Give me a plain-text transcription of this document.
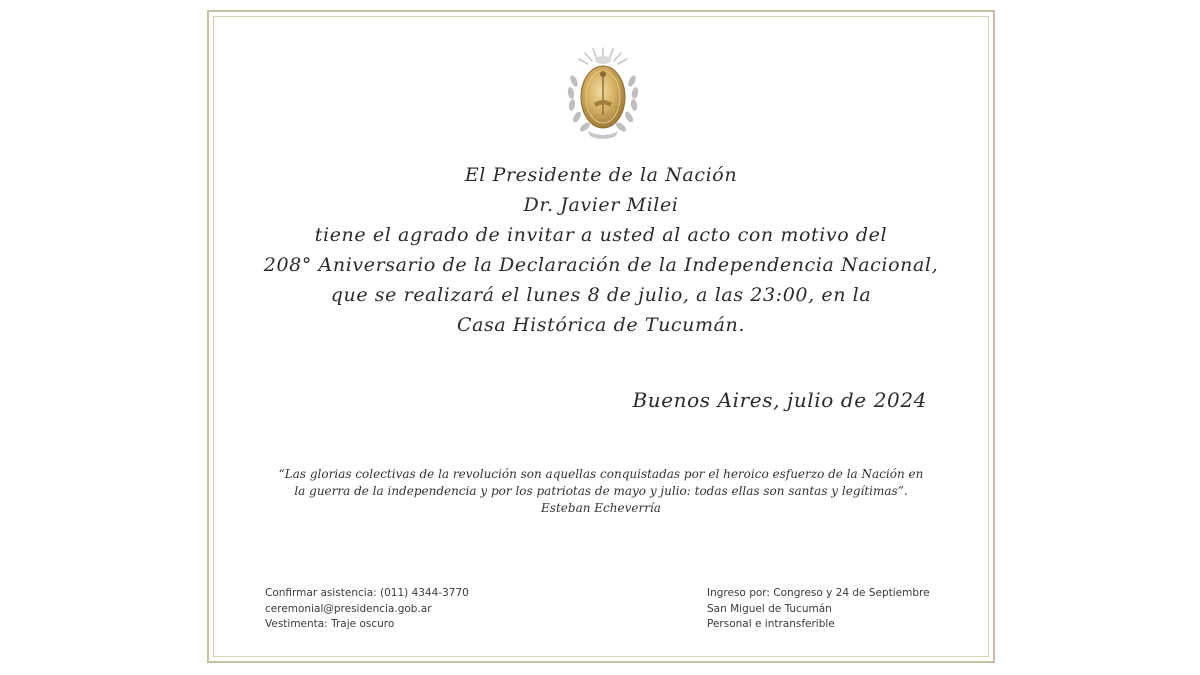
El Presidente de la Nación
Dr. Javier Milei
tiene el agrado de invitar a usted al acto con motivo del
208° Aniversario de la Declaración de la Independencia Nacional,
que se realizará el lunes 8 de julio, a las 23:00, en la
Casa Histórica de Tucumán.
Buenos Aires, julio de 2024
“Las glorias colectivas de la revolución son aquellas conquistadas por el heroico esfuerzo de la Nación en
la guerra de la independencia y por los patriotas de mayo y julio: todas ellas son santas y legítimas”.
Esteban Echeverría
Confirmar asistencia: (011) 4344-3770
ceremonial@presidencia.gob.ar
Vestimenta: Traje oscuro
Ingreso por: Congreso y 24 de Septiembre
San Miguel de Tucumán
Personal e intransferible
